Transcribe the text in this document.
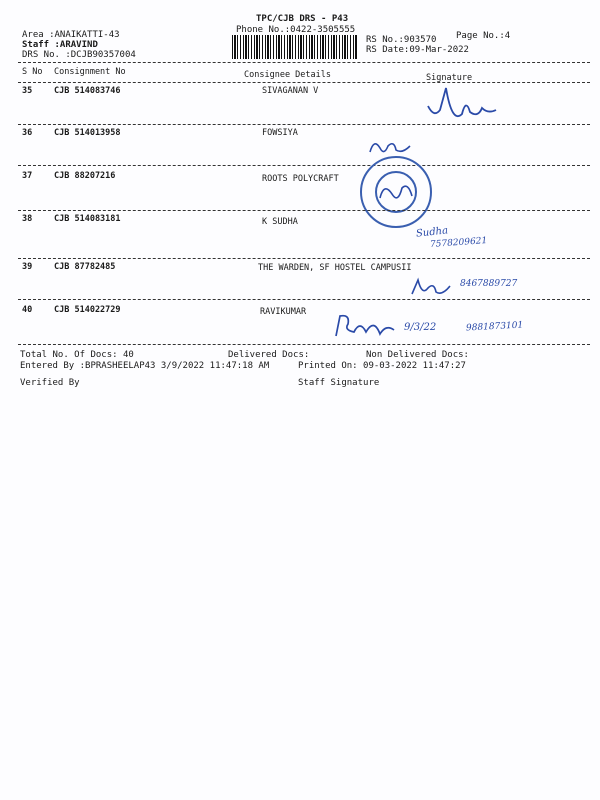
TPC/CJB DRS - P43
Phone No.:0422-3505555
Area :ANAIKATTI-43
Staff :ARAVIND
DRS No. :DCJB90357004
RS No.:903570
RS Date:09-Mar-2022
Page No.:4
S No Consignment No	Consignee Details	Signature
35	CJB 514083746	SIVAGANAN V
36	CJB 514013958	FOWSIYA
37	CJB 88207216	ROOTS POLYCRAFT
38	CJB 514083181	K SUDHA
Sudha
7578209621
39	CJB 87782485	THE WARDEN, SF HOSTEL CAMPUSII
8467889727
40	CJB 514022729	RAVIKUMAR
9/3/22	9881873101
Total No. Of Docs: 40	Delivered Docs:	Non Delivered Docs:
Entered By :BPRASHEELAP43 3/9/2022 11:47:18 AM	Printed On: 09-03-2022 11:47:27
Verified By	Staff Signature
